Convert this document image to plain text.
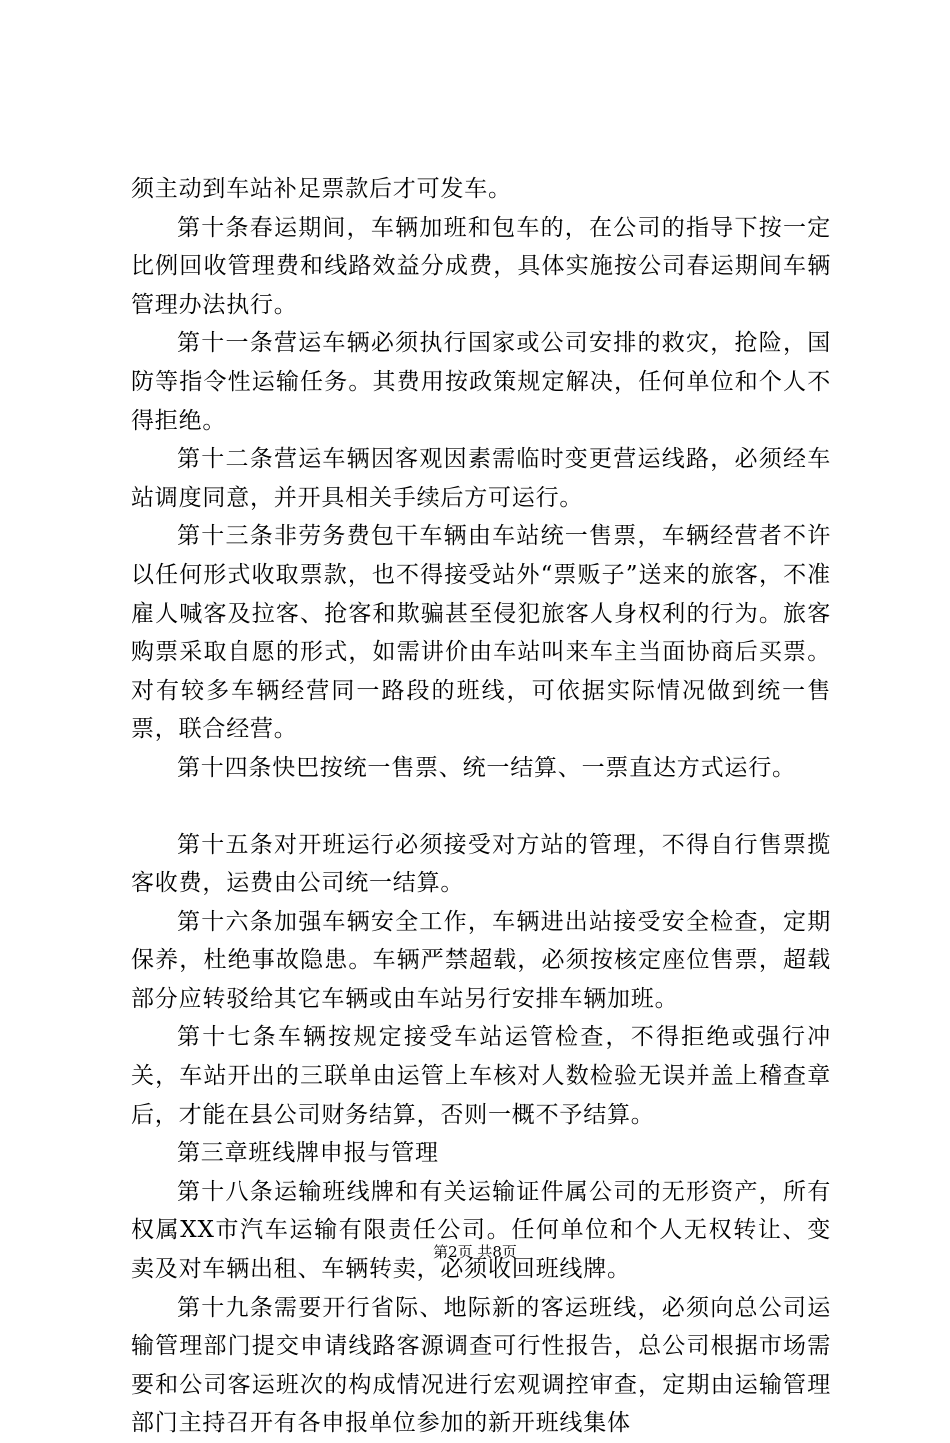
须主动到车站补足票款后才可发车。

第十条春运期间，车辆加班和包车的，在公司的指导下按一定比例回收管理费和线路效益分成费，具体实施按公司春运期间车辆管理办法执行。

第十一条营运车辆必须执行国家或公司安排的救灾，抢险，国防等指令性运输任务。其费用按政策规定解决，任何单位和个人不得拒绝。

第十二条营运车辆因客观因素需临时变更营运线路，必须经车站调度同意，并开具相关手续后方可运行。

第十三条非劳务费包干车辆由车站统一售票，车辆经营者不许以任何形式收取票款，也不得接受站外“票贩子”送来的旅客，不准雇人喊客及拉客、抢客和欺骗甚至侵犯旅客人身权利的行为。旅客购票采取自愿的形式，如需讲价由车站叫来车主当面协商后买票。对有较多车辆经营同一路段的班线，可依据实际情况做到统一售票，联合经营。

第十四条快巴按统一售票、统一结算、一票直达方式运行。

第十五条对开班运行必须接受对方站的管理，不得自行售票揽客收费，运费由公司统一结算。

第十六条加强车辆安全工作，车辆进出站接受安全检查，定期保养，杜绝事故隐患。车辆严禁超载，必须按核定座位售票，超载部分应转驳给其它车辆或由车站另行安排车辆加班。

第十七条车辆按规定接受车站运管检查，不得拒绝或强行冲关，车站开出的三联单由运管上车核对人数检验无误并盖上稽查章后，才能在县公司财务结算，否则一概不予结算。

第三章班线牌申报与管理

第十八条运输班线牌和有关运输证件属公司的无形资产，所有权属XX市汽车运输有限责任公司。任何单位和个人无权转让、变卖及对车辆出租、车辆转卖，必须收回班线牌。

第十九条需要开行省际、地际新的客运班线，必须向总公司运输管理部门提交申请线路客源调查可行性报告，总公司根据市场需要和公司客运班次的构成情况进行宏观调控审查，定期由运输管理部门主持召开有各申报单位参加的新开班线集体

第2页 共8页
